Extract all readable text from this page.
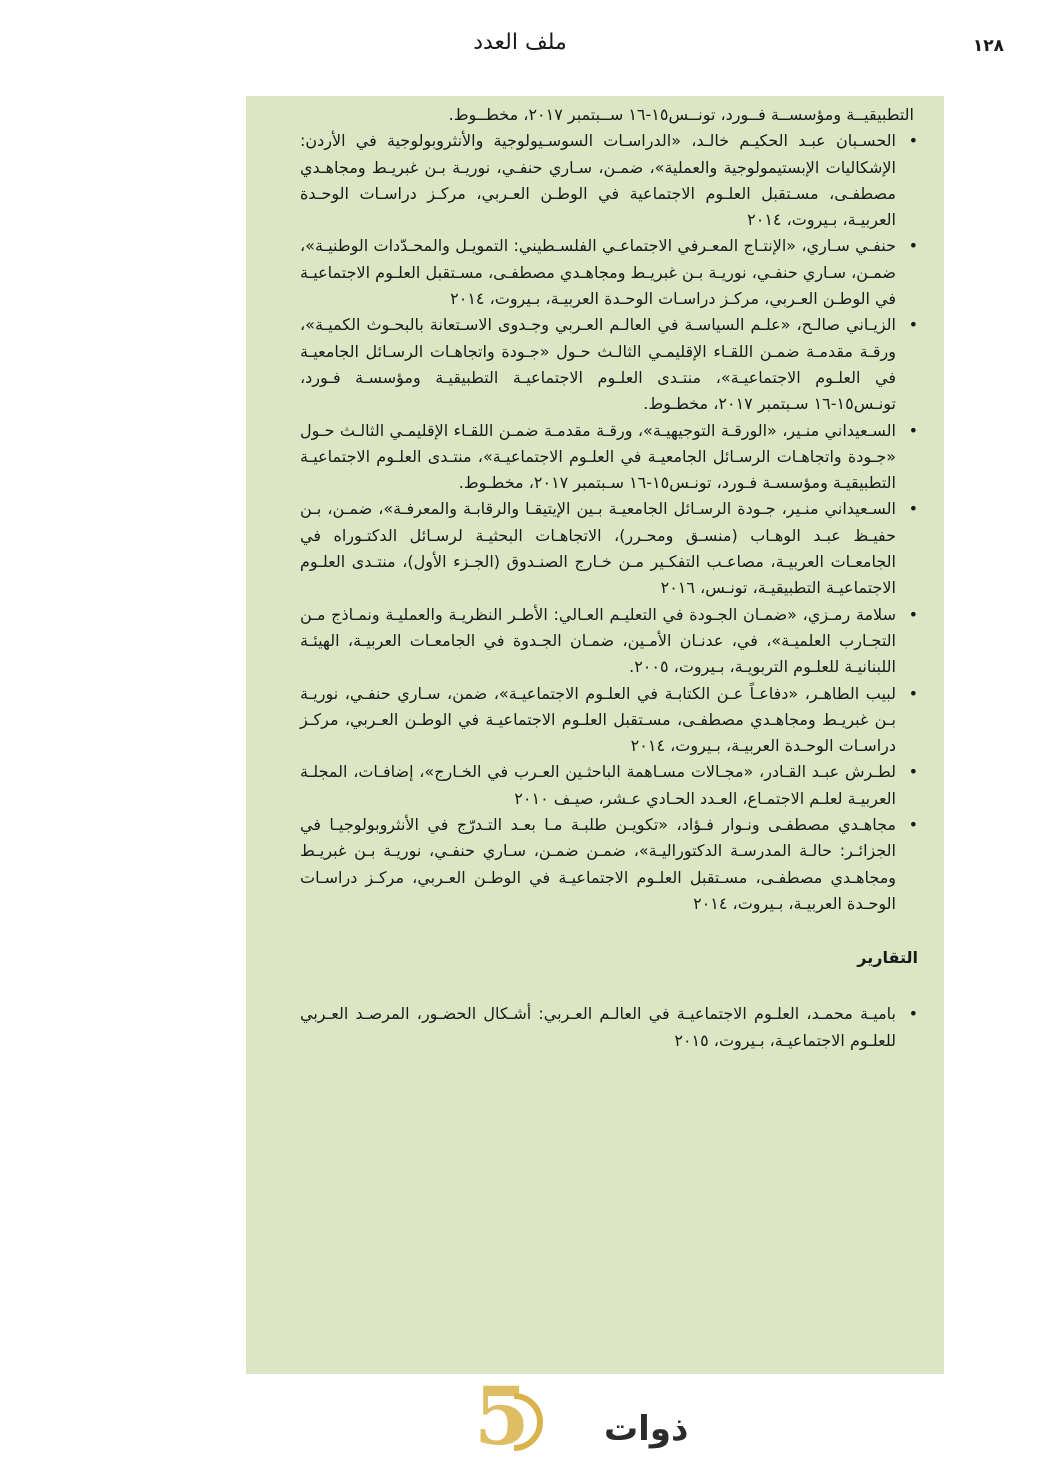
١٢٨
ملف العدد

التطبيقيــة ومؤسســة فــورد، تونــس١٥-١٦ ســبتمبر ٢٠١٧، مخطــوط.

•
الحسـبان عبـد الحكيـم خالـد، «الدراسـات السوسـيولوجية والأنثروبولوجية في الأردن: الإشكاليات الإبستيمولوجية والعملية»، ضمـن، سـاري حنفـي، نوريـة بـن غبريـط ومجاهـدي مصطفـى، مسـتقبل العلـوم الاجتماعية في الوطـن العـربي، مركـز دراسـات الوحـدة العربيـة، بـيروت، ٢٠١٤
•
حنفـي سـاري، «الإنتـاج المعـرفي الاجتماعـي الفلسـطيني: التمويـل والمحـدّدات الوطنيـة»، ضمـن، سـاري حنفـي، نوريـة بـن غبريـط ومجاهـدي مصطفـى، مسـتقبل العلـوم الاجتماعيـة في الوطـن العـربي، مركـز دراسـات الوحـدة العربيـة، بـيروت، ٢٠١٤
•
الزيـاني صالـح، «علـم السياسـة في العالـم العـربي وجـدوى الاسـتعانة بالبحـوث الكميـة»، ورقـة مقدمـة ضمـن اللقـاء الإقليمـي الثالـث حـول «جـودة واتجاهـات الرسـائل الجامعيـة في العلـوم الاجتماعيـة»، منتـدى العلـوم الاجتماعيـة التطبيقيـة ومؤسسـة فـورد، تونـس١٥-١٦ سـبتمبر ٢٠١٧، مخطـوط.
•
السـعيداني منـير، «الورقـة التوجيهيـة»، ورقـة مقدمـة ضمـن اللقـاء الإقليمـي الثالـث حـول «جـودة واتجاهـات الرسـائل الجامعيـة في العلـوم الاجتماعيـة»، منتـدى العلـوم الاجتماعيـة التطبيقيـة ومؤسسـة فـورد، تونـس١٥-١٦ سـبتمبر ٢٠١٧، مخطـوط.
•
السـعيداني منـير، جـودة الرسـائل الجامعيـة بـين الإيتيقـا والرقابـة والمعرفـة»، ضمـن، بـن حفيـظ عبـد الوهـاب (منسـق ومحـرر)، الاتجاهـات البحثيـة لرسـائل الدكتـوراه في الجامعـات العربيـة، مصاعـب التفكـير مـن خـارج الصنـدوق (الجـزء الأول)، منتـدى العلـوم الاجتماعيـة التطبيقيـة، تونـس، ٢٠١٦
•
سلامة رمـزي، «ضمـان الجـودة في التعليـم العـالي: الأطـر النظريـة والعمليـة ونمـاذج مـن التجـارب العلميـة»، في، عدنـان الأمـين، ضمـان الجـدوة في الجامعـات العربيـة، الهيئـة اللبنانيـة للعلـوم التربويـة، بـيروت، ٢٠٠٥.
•
لبيب الطاهـر، «دفاعـاً عـن الكتابـة في العلـوم الاجتماعيـة»، ضمن، سـاري حنفـي، نوريـة بـن غبريـط ومجاهـدي مصطفـى، مسـتقبل العلـوم الاجتماعيـة في الوطـن العـربي، مركـز دراسـات الوحـدة العربيـة، بـيروت، ٢٠١٤
•
لطـرش عبـد القـادر، «مجـالات مسـاهمة الباحثـين العـرب في الخـارج»، إضافـات، المجلـة العربيـة لعلـم الاجتمـاع، العـدد الحـادي عـشر، صيـف ٢٠١٠
•
مجاهـدي مصطفـى ونـوار فـؤاد، «تكويـن طلبـة مـا بعـد التـدرّج في الأنثروبولوجيـا في الجزائـر: حالـة المدرسـة الدكتوراليـة»، ضمـن ضمـن، سـاري حنفـي، نوريـة بـن غبريـط ومجاهـدي مصطفـى، مسـتقبل العلـوم الاجتماعيـة في الوطـن العـربي، مركـز دراسـات الوحـدة العربيـة، بـيروت، ٢٠١٤
التقارير
•
باميـة محمـد، العلـوم الاجتماعيـة في العالـم العـربي: أشـكال الحضـور، المرصـد العـربي للعلـوم الاجتماعيـة، بـيروت، ٢٠١٥
5 ذوات
